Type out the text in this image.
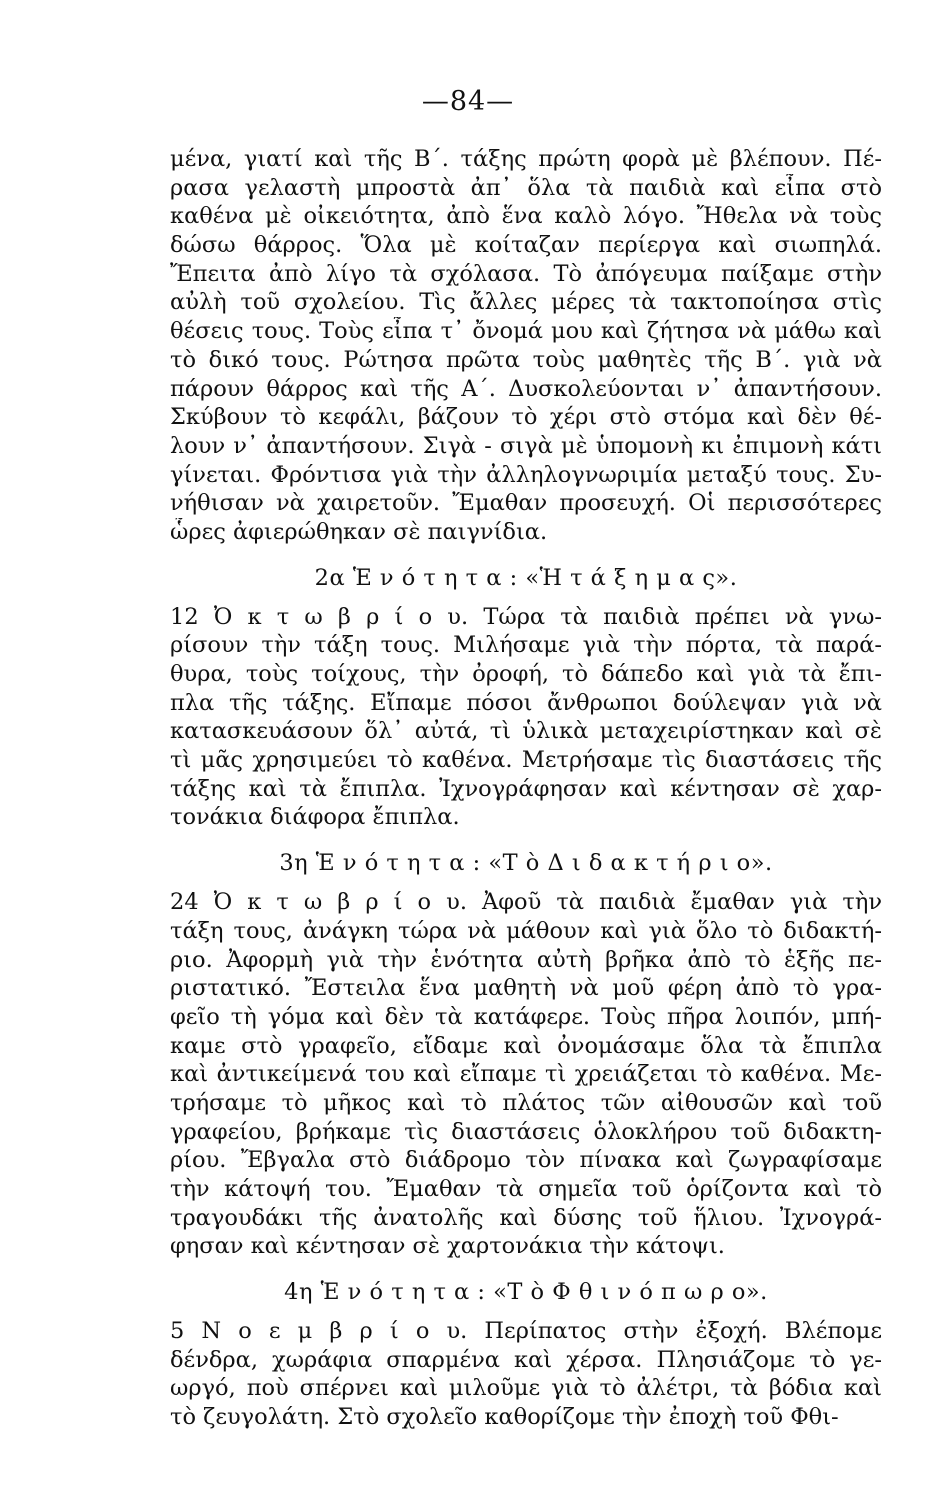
—84—
μένα, γιατί καὶ τῆς Β΄. τάξης πρώτη φορὰ μὲ βλέπουν. Πέ-
ρασα γελαστὴ μπροστὰ ἀπ᾽ ὅλα τὰ παιδιὰ καὶ εἶπα στὸ
καθένα μὲ οἰκειότητα, ἀπὸ ἕνα καλὸ λόγο. Ἤθελα νὰ τοὺς
δώσω θάρρος. Ὅλα μὲ κοίταζαν περίεργα καὶ σιωπηλά.
Ἔπειτα ἀπὸ λίγο τὰ σχόλασα. Τὸ ἀπόγευμα παίξαμε στὴν
αὐλὴ τοῦ σχολείου. Τὶς ἄλλες μέρες τὰ τακτοποίησα στὶς
θέσεις τους. Τοὺς εἶπα τ᾽ ὄνομά μου καὶ ζήτησα νὰ μάθω καὶ
τὸ δικό τους. Ρώτησα πρῶτα τοὺς μαθητὲς τῆς Β΄. γιὰ νὰ
πάρουν θάρρος καὶ τῆς Α΄. Δυσκολεύονται ν᾽ ἀπαντήσουν.
Σκύβουν τὸ κεφάλι, βάζουν τὸ χέρι στὸ στόμα καὶ δὲν θέ-
λουν ν᾽ ἀπαντήσουν. Σιγὰ - σιγὰ μὲ ὑπομονὴ κι ἐπιμονὴ κάτι
γίνεται. Φρόντισα γιὰ τὴν ἀλληλογνωριμία μεταξύ τους. Συ-
νήθισαν νὰ χαιρετοῦν. Ἔμαθαν προσευχή. Οἱ περισσότερες
ὧρες ἀφιερώθηκαν σὲ παιγνίδια.
2α Ἑ ν ό τ η τ α : «Ἡ τ ά ξ η μ α ς».
12 Ὀ κ τ ω β ρ ί ο υ. Τώρα τὰ παιδιὰ πρέπει νὰ γνω-
ρίσουν τὴν τάξη τους. Μιλήσαμε γιὰ τὴν πόρτα, τὰ παρά-
θυρα, τοὺς τοίχους, τὴν ὀροφή, τὸ δάπεδο καὶ γιὰ τὰ ἔπι-
πλα τῆς τάξης. Εἴπαμε πόσοι ἄνθρωποι δούλεψαν γιὰ νὰ
κατασκευάσουν ὅλ᾽ αὐτά, τὶ ὑλικὰ μεταχειρίστηκαν καὶ σὲ
τὶ μᾶς χρησιμεύει τὸ καθένα. Μετρήσαμε τὶς διαστάσεις τῆς
τάξης καὶ τὰ ἔπιπλα. Ἰχνογράφησαν καὶ κέντησαν σὲ χαρ-
τονάκια διάφορα ἔπιπλα.
3η Ἑ ν ό τ η τ α : «Τ ὸ Δ ι δ α κ τ ή ρ ι ο».
24 Ὀ κ τ ω β ρ ί ο υ. Ἀφοῦ τὰ παιδιὰ ἔμαθαν γιὰ τὴν
τάξη τους, ἀνάγκη τώρα νὰ μάθουν καὶ γιὰ ὅλο τὸ διδακτή-
ριο. Ἀφορμὴ γιὰ τὴν ἑνότητα αὐτὴ βρῆκα ἀπὸ τὸ ἑξῆς πε-
ριστατικό. Ἔστειλα ἕνα μαθητὴ νὰ μοῦ φέρη ἀπὸ τὸ γρα-
φεῖο τὴ γόμα καὶ δὲν τὰ κατάφερε. Τοὺς πῆρα λοιπόν, μπή-
καμε στὸ γραφεῖο, εἴδαμε καὶ ὀνομάσαμε ὅλα τὰ ἔπιπλα
καὶ ἀντικείμενά του καὶ εἴπαμε τὶ χρειάζεται τὸ καθένα. Με-
τρήσαμε τὸ μῆκος καὶ τὸ πλάτος τῶν αἰθουσῶν καὶ τοῦ
γραφείου, βρήκαμε τὶς διαστάσεις ὁλοκλήρου τοῦ διδακτη-
ρίου. Ἔβγαλα στὸ διάδρομο τὸν πίνακα καὶ ζωγραφίσαμε
τὴν κάτοψή του. Ἔμαθαν τὰ σημεῖα τοῦ ὁρίζοντα καὶ τὸ
τραγουδάκι τῆς ἀνατολῆς καὶ δύσης τοῦ ἥλιου. Ἰχνογρά-
φησαν καὶ κέντησαν σὲ χαρτονάκια τὴν κάτοψι.
4η Ἑ ν ό τ η τ α : «Τ ὸ Φ θ ι ν ό π ω ρ ο».
5 Ν ο ε μ β ρ ί ο υ. Περίπατος στὴν ἐξοχή. Βλέπομε
δένδρα, χωράφια σπαρμένα καὶ χέρσα. Πλησιάζομε τὸ γε-
ωργό, ποὺ σπέρνει καὶ μιλοῦμε γιὰ τὸ ἀλέτρι, τὰ βόδια καὶ
τὸ ζευγολάτη. Στὸ σχολεῖο καθορίζομε τὴν ἐποχὴ τοῦ Φθι-
